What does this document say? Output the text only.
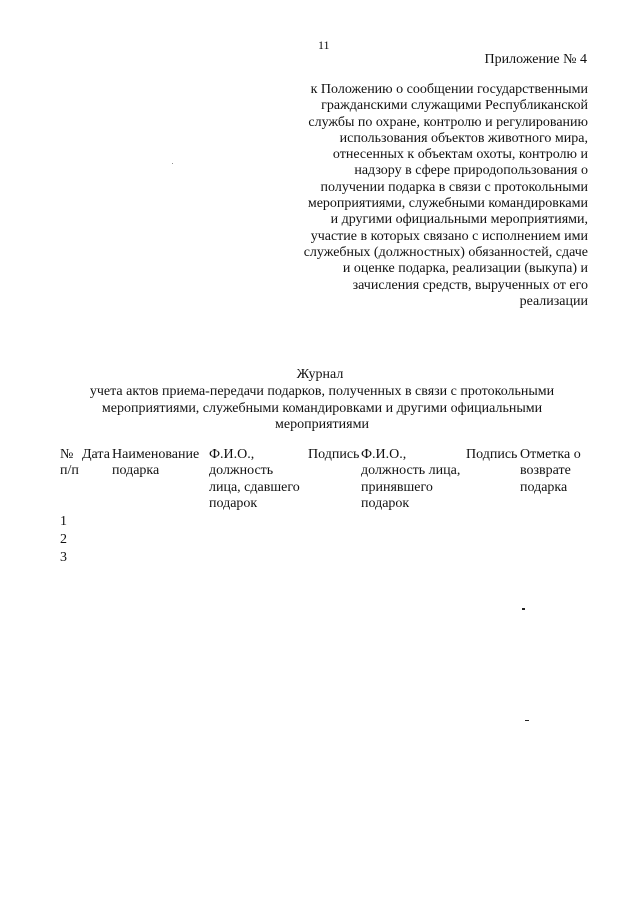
11
Приложение № 4
к Положению о сообщении государственными
гражданскими служащими Республиканской
службы по охране, контролю и регулированию
использования объектов животного мира,
отнесенных к объектам охоты, контролю и
надзору в сфере природопользования о
получении подарка в связи с протокольными
мероприятиями, служебными командировками
и другими официальными мероприятиями,
участие в которых связано с исполнением ими
служебных (должностных) обязанностей, сдаче
и оценке подарка, реализации (выкупа) и
зачисления средств, вырученных от его
реализации
Журнал
учета актов приема-передачи подарков, полученных в связи с протокольными
мероприятиями, служебными командировками и другими официальными
мероприятиями
№
п/п
Дата Наименование
подарка
Ф.И.О.,
должность
лица, сдавшего
подарок
Подпись Ф.И.О.,
должность лица,
принявшего
подарок
Подпись Отметка о
возврате
подарка
1
2
3
